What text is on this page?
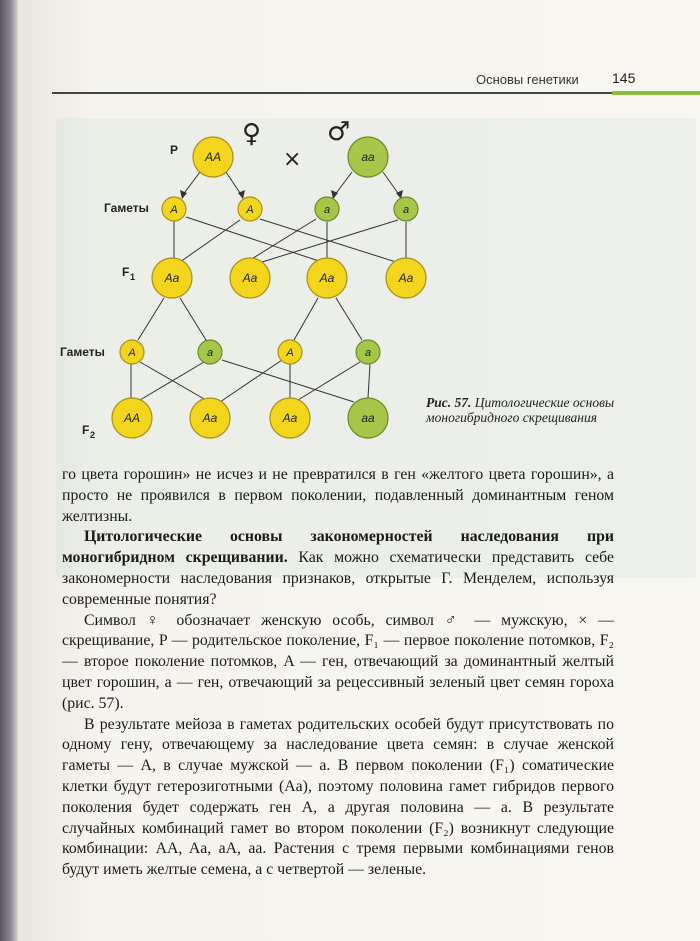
Основы генетики 145
P
Гаметы
F 1
Гаметы
F 2
♀	♂
×
AA	aa
A	A	a	a
Aa	Aa	Aa	Aa
A	a	A	a
AA	Aa	Aa	aa
Рис. 57. Цитологические основы моногибридного скрещивания

го цвета горошин» не исчез и не превратился в ген «желтого цвета горошин», а просто не проявился в первом поколении, подавленный доминантным геном желтизны.

Цитологические основы закономерностей наследования при моногибридном скрещивании. Как можно схематически представить себе закономерности наследования признаков, открытые Г. Менделем, используя современные понятия?

Символ ♀ обозначает женскую особь, символ ♂ — мужскую, × — скрещивание, P — родительское поколение, F₁ — первое поколение потомков, F₂ — второе поколение потомков, A — ген, отвечающий за доминантный желтый цвет горошин, a — ген, отвечающий за рецессивный зеленый цвет семян гороха (рис. 57).

В результате мейоза в гаметах родительских особей будут присутствовать по одному гену, отвечающему за наследование цвета семян: в случае женской гаметы — A, в случае мужской — a. В первом поколении (F₁) соматические клетки будут гетерозиготными (Aa), поэтому половина гамет гибридов первого поколения будет содержать ген A, а другая половина — a. В результате случайных комбинаций гамет во втором поколении (F₂) возникнут следующие комбинации: AA, Aa, aA, aa. Растения с тремя первыми комбинациями генов будут иметь желтые семена, а с четвертой — зеленые.
